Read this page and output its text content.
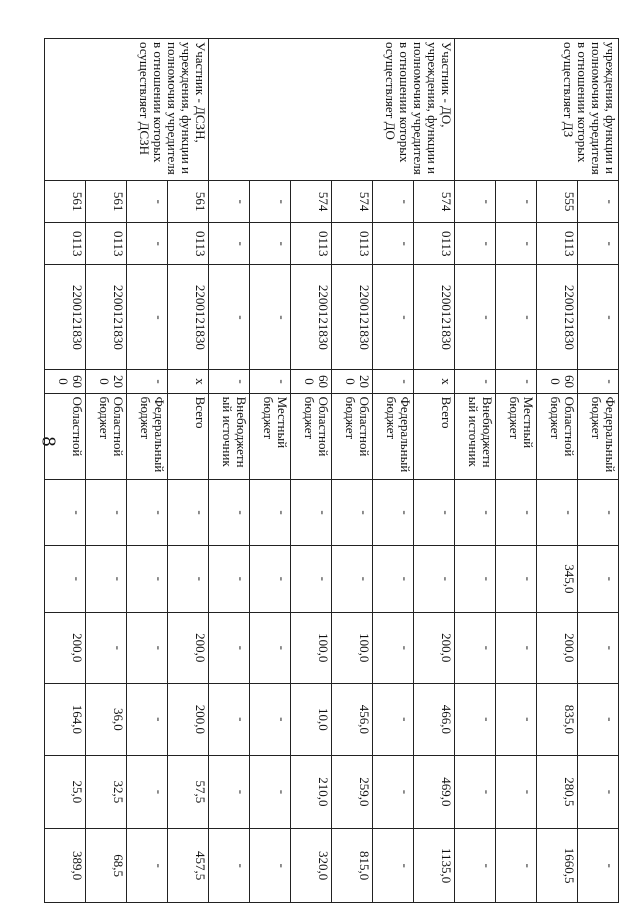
8
учреждения, функции и полномочия учредителя в отношении которых осуществляет ДЗ	-	-	-	-	Федеральный бюджет	-	-	-	-	-	-
	555	0113	2200121830	600	Областной бюджет	-	345,0	200,0	835,0	280,5	1660,5
	-	-	-	-	Местный бюджет	-	-	-	-	-	-
	-	-	-	-	Внебюджетный источник	-	-	-	-	-	-
Участник - ДО, учреждения, функции и полномочия учредителя в отношении которых осуществляет ДО	574	0113	2200121830	x	Всего	-	-	200,0	466,0	469,0	1135,0
	-	-	-	-	Федеральный бюджет	-	-	-	-	-	-
	574	0113	2200121830	200	Областной бюджет	-	-	100,0	456,0	259,0	815,0
	574	0113	2200121830	600	Областной бюджет	-	-	100,0	10,0	210,0	320,0
	-	-	-	-	Местный бюджет	-	-	-	-	-	-
	-	-	-	-	Внебюджетный источник	-	-	-	-	-	-
Участник - ДСЗН, учреждения, функции и полномочия учредителя в отношении которых осуществляет ДСЗН	561	0113	2200121830	x	Всего	-	-	200,0	200,0	57,5	457,5
	-	-	-	-	Федеральный бюджет	-	-	-	-	-	-
	561	0113	2200121830	200	Областной бюджет	-	-	-	36,0	32,5	68,5
	561	0113	2200121830	600	Областной	-	-	200,0	164,0	25,0	389,0
